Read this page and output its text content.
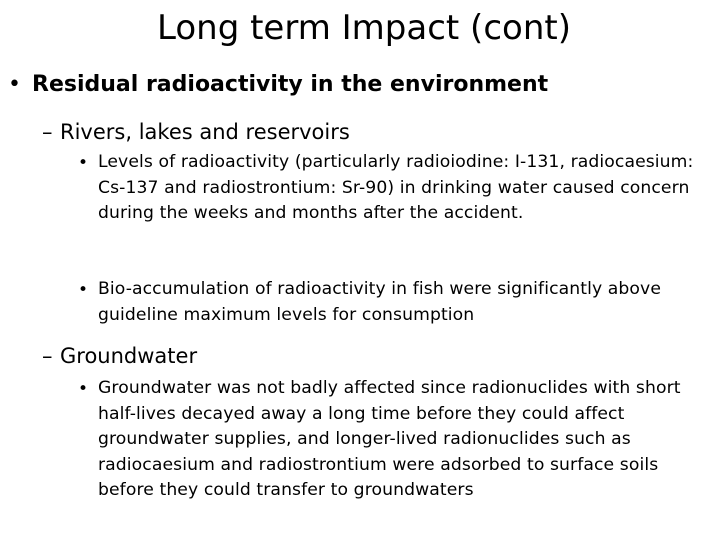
Long term Impact (cont)
• Residual radioactivity in the environment
– Rivers, lakes and reservoirs
• Levels of radioactivity (particularly radioiodine: I-131, radiocaesium: Cs-137 and radiostrontium: Sr-90) in drinking water caused concern during the weeks and months after the accident.
• Bio-accumulation of radioactivity in fish were significantly above guideline maximum levels for consumption
– Groundwater
• Groundwater was not badly affected since radionuclides with short half-lives decayed away a long time before they could affect groundwater supplies, and longer-lived radionuclides such as radiocaesium and radiostrontium were adsorbed to surface soils before they could transfer to groundwaters
